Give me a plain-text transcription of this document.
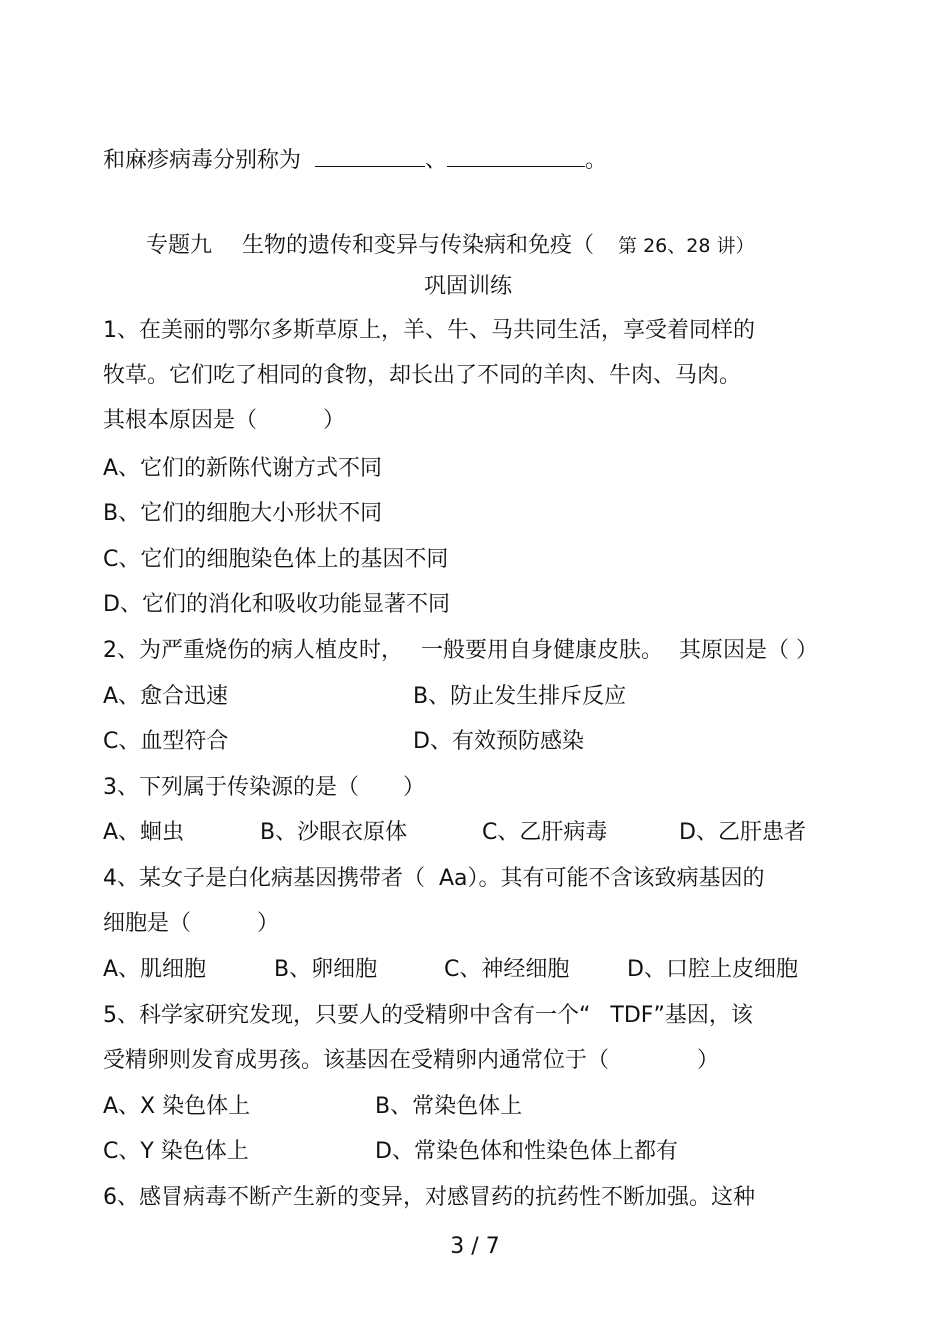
和麻疹病毒分别称为	、	。
专题九 生物的遗传和变异与传染病和免疫（ 第 26、28 讲）
巩固训练
1、在美丽的鄂尔多斯草原上，羊、牛、马共同生活，享受着同样的
牧草。它们吃了相同的食物，却长出了不同的羊肉、牛肉、马肉。
其根本原因是（　　　）
A、它们的新陈代谢方式不同
B、它们的细胞大小形状不同
C、它们的细胞染色体上的基因不同
D、它们的消化和吸收功能显著不同
2、为严重烧伤的病人植皮时， 一般要用自身健康皮肤。 其原因是（ ）
A、愈合迅速	B、防止发生排斥反应
C、血型符合	D、有效预防感染
3、下列属于传染源的是（　　）
A、蛔虫	B、沙眼衣原体	C、乙肝病毒	D、乙肝患者
4、某女子是白化病基因携带者（ Aa）。其有可能不含该致病基因的
细胞是（　　　）
A、肌细胞	B、卵细胞	C、神经细胞	D、口腔上皮细胞
5、科学家研究发现，只要人的受精卵中含有一个“ TDF”基因，该
受精卵则发育成男孩。该基因在受精卵内通常位于（　　　　）
A、X 染色体上	B、常染色体上
C、Y 染色体上	D、常染色体和性染色体上都有
6、感冒病毒不断产生新的变异，对感冒药的抗药性不断加强。这种
3 / 7
